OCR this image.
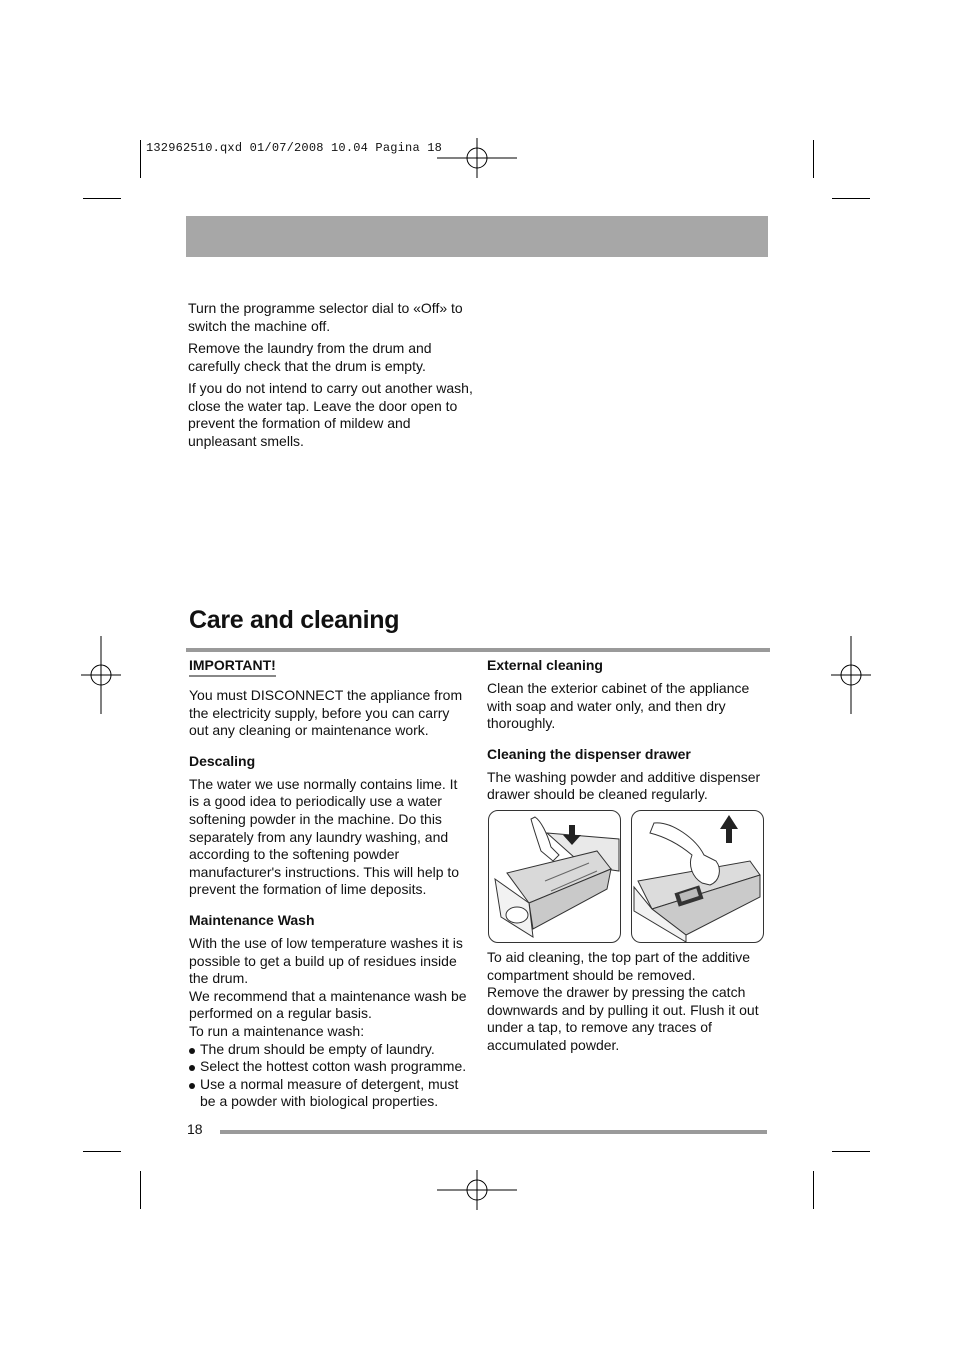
132962510.qxd 01/07/2008 10.04 Pagina 18

Turn the programme selector dial to «Off» to switch the machine off.

Remove the laundry from the drum and carefully check that the drum is empty.

If you do not intend to carry out another wash, close the water tap. Leave the door open to prevent the formation of mildew and unpleasant smells.

Care and cleaning
IMPORTANT!

You must DISCONNECT the appliance from the electricity supply, before you can carry out any cleaning or maintenance work.

Descaling

The water we use normally contains lime. It is a good idea to periodically use a water softening powder in the machine. Do this separately from any laundry washing, and according to the softening powder manufacturer's instructions. This will help to prevent the formation of lime deposits.

Maintenance Wash

With the use of low temperature washes it is possible to get a build up of residues inside the drum.

We recommend that a maintenance wash be performed on a regular basis.

To run a maintenance wash:

The drum should be empty of laundry.
Select the hottest cotton wash programme.
Use a normal measure of detergent, must be a powder with biological properties.
External cleaning

Clean the exterior cabinet of the appliance with soap and water only, and then dry thoroughly.

Cleaning the dispenser drawer

The washing powder and additive dispenser drawer should be cleaned regularly.

To aid cleaning, the top part of the additive compartment should be removed.

Remove the drawer by pressing the catch downwards and by pulling it out. Flush it out under a tap, to remove any traces of accumulated powder.

18
